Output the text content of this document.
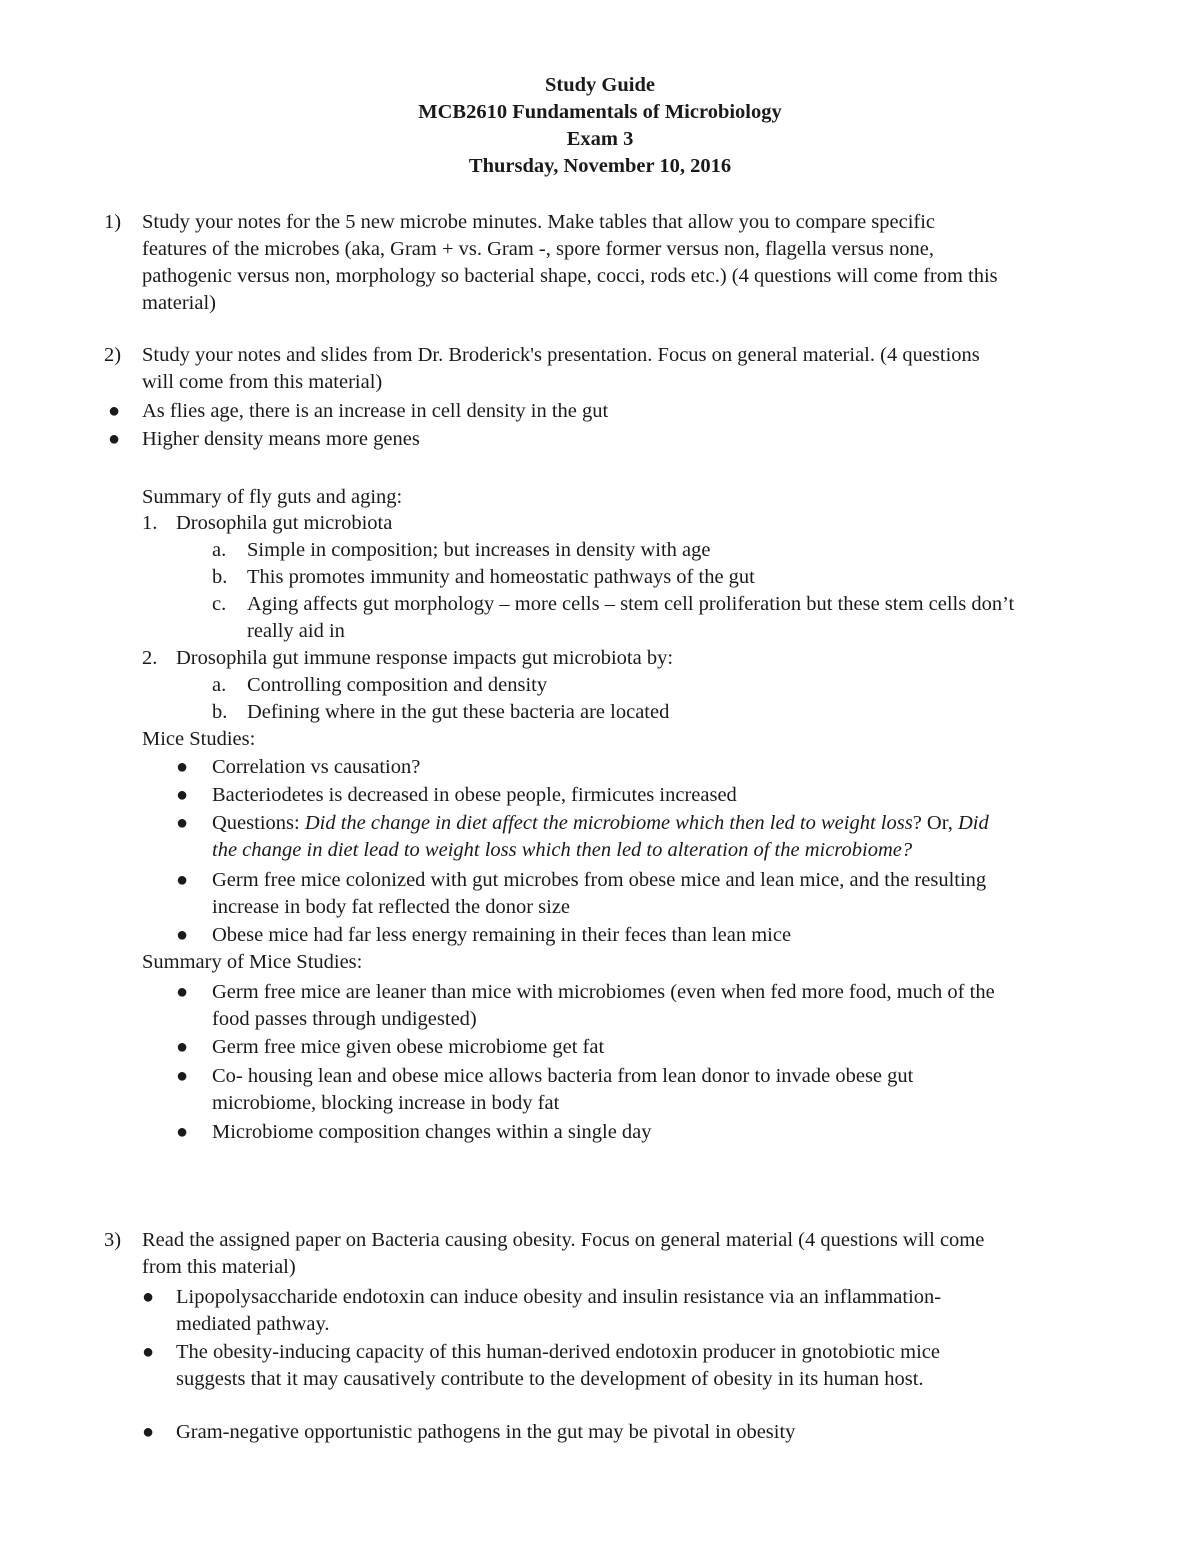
Study Guide
MCB2610 Fundamentals of Microbiology
Exam 3
Thursday, November 10, 2016
1) Study your notes for the 5 new microbe minutes. Make tables that allow you to compare specific
features of the microbes (aka, Gram + vs. Gram -, spore former versus non, flagella versus none,
pathogenic versus non, morphology so bacterial shape, cocci, rods etc.) (4 questions will come from this
material)
2) Study your notes and slides from Dr. Broderick's presentation. Focus on general material. (4 questions
will come from this material)
● As flies age, there is an increase in cell density in the gut
● Higher density means more genes
Summary of fly guts and aging:
1. Drosophila gut microbiota
a. Simple in composition; but increases in density with age
b. This promotes immunity and homeostatic pathways of the gut
c. Aging affects gut morphology – more cells – stem cell proliferation but these stem cells don’t
really aid in
2. Drosophila gut immune response impacts gut microbiota by:
a. Controlling composition and density
b. Defining where in the gut these bacteria are located
Mice Studies:
● Correlation vs causation?
● Bacteriodetes is decreased in obese people, firmicutes increased
● Questions: Did the change in diet affect the microbiome which then led to weight loss? Or, Did
the change in diet lead to weight loss which then led to alteration of the microbiome?
● Germ free mice colonized with gut microbes from obese mice and lean mice, and the resulting
increase in body fat reflected the donor size
● Obese mice had far less energy remaining in their feces than lean mice
Summary of Mice Studies:
● Germ free mice are leaner than mice with microbiomes (even when fed more food, much of the
food passes through undigested)
● Germ free mice given obese microbiome get fat
● Co- housing lean and obese mice allows bacteria from lean donor to invade obese gut
microbiome, blocking increase in body fat
● Microbiome composition changes within a single day
3) Read the assigned paper on Bacteria causing obesity. Focus on general material (4 questions will come
from this material)
● Lipopolysaccharide endotoxin can induce obesity and insulin resistance via an inflammation-
mediated pathway.
● The obesity-inducing capacity of this human-derived endotoxin producer in gnotobiotic mice
suggests that it may causatively contribute to the development of obesity in its human host.
● Gram-negative opportunistic pathogens in the gut may be pivotal in obesity
